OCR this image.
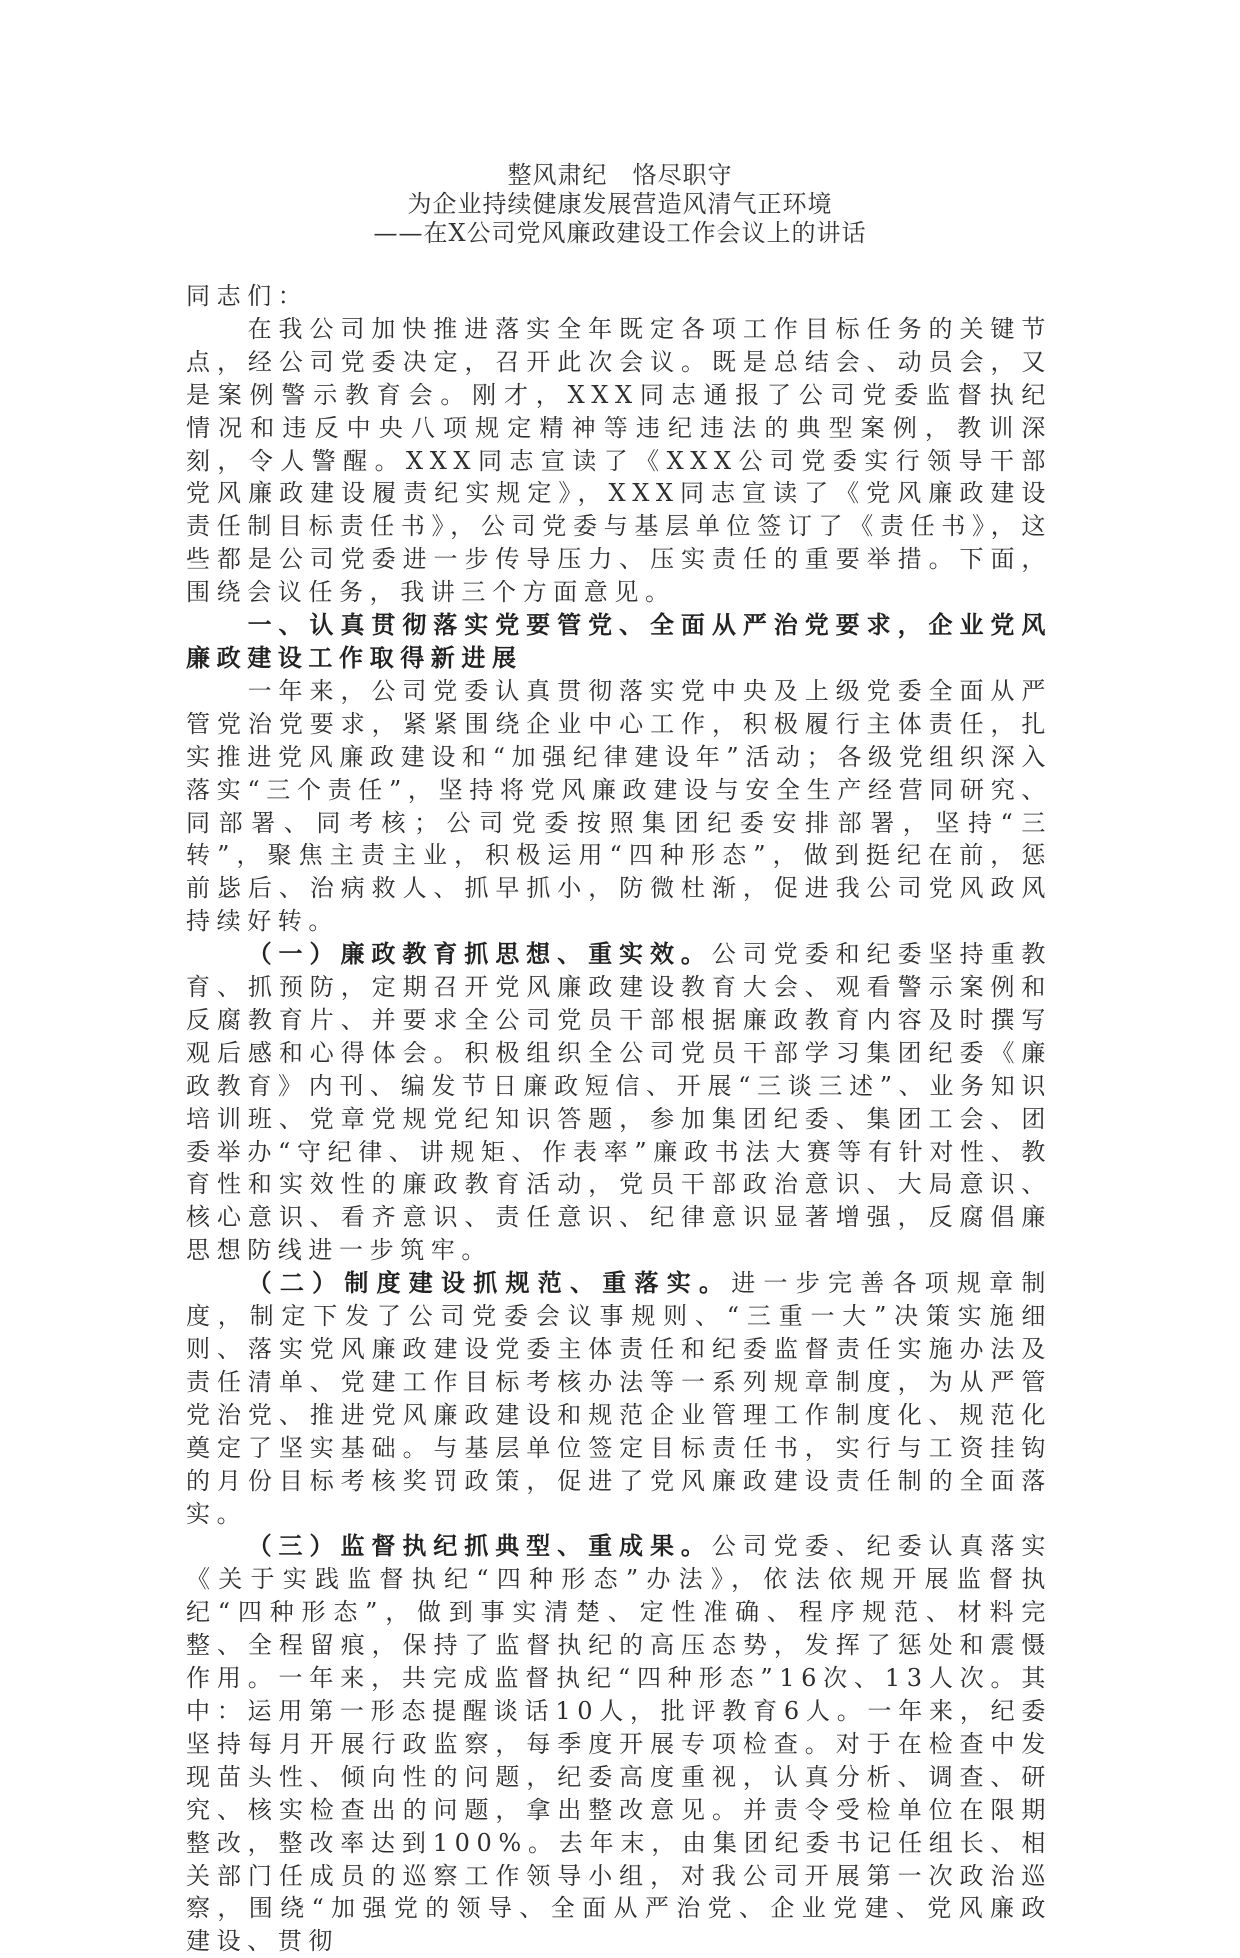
整风肃纪　恪尽职守
为企业持续健康发展营造风清气正环境
——在X公司党风廉政建设工作会议上的讲话

同志们：

在我公司加快推进落实全年既定各项工作目标任务的关键节点，经公司党委决定，召开此次会议。既是总结会、动员会，又是案例警示教育会。刚才，XXX同志通报了公司党委监督执纪情况和违反中央八项规定精神等违纪违法的典型案例，教训深刻，令人警醒。XXX同志宣读了《XXX公司党委实行领导干部党风廉政建设履责纪实规定》，XXX同志宣读了《党风廉政建设责任制目标责任书》，公司党委与基层单位签订了《责任书》，这些都是公司党委进一步传导压力、压实责任的重要举措。下面，围绕会议任务，我讲三个方面意见。

一、认真贯彻落实党要管党、全面从严治党要求，企业党风廉政建设工作取得新进展

一年来，公司党委认真贯彻落实党中央及上级党委全面从严管党治党要求，紧紧围绕企业中心工作，积极履行主体责任，扎实推进党风廉政建设和“加强纪律建设年”活动；各级党组织深入落实“三个责任”，坚持将党风廉政建设与安全生产经营同研究、同部署、同考核；公司党委按照集团纪委安排部署，坚持“三转”，聚焦主责主业，积极运用“四种形态”，做到挺纪在前，惩前毖后、治病救人、抓早抓小，防微杜渐，促进我公司党风政风持续好转。

（一）廉政教育抓思想、重实效。公司党委和纪委坚持重教育、抓预防，定期召开党风廉政建设教育大会、观看警示案例和反腐教育片、并要求全公司党员干部根据廉政教育内容及时撰写观后感和心得体会。积极组织全公司党员干部学习集团纪委《廉政教育》内刊、编发节日廉政短信、开展“三谈三述”、业务知识培训班、党章党规党纪知识答题，参加集团纪委、集团工会、团委举办“守纪律、讲规矩、作表率”廉政书法大赛等有针对性、教育性和实效性的廉政教育活动，党员干部政治意识、大局意识、核心意识、看齐意识、责任意识、纪律意识显著增强，反腐倡廉思想防线进一步筑牢。

（二）制度建设抓规范、重落实。进一步完善各项规章制度，制定下发了公司党委会议事规则、“三重一大”决策实施细则、落实党风廉政建设党委主体责任和纪委监督责任实施办法及责任清单、党建工作目标考核办法等一系列规章制度，为从严管党治党、推进党风廉政建设和规范企业管理工作制度化、规范化奠定了坚实基础。与基层单位签定目标责任书，实行与工资挂钩的月份目标考核奖罚政策，促进了党风廉政建设责任制的全面落实。

（三）监督执纪抓典型、重成果。公司党委、纪委认真落实《关于实践监督执纪“四种形态”办法》，依法依规开展监督执纪“四种形态”，做到事实清楚、定性准确、程序规范、材料完整、全程留痕，保持了监督执纪的高压态势，发挥了惩处和震慑作用。一年来，共完成监督执纪“四种形态”16次、13人次。其中：运用第一形态提醒谈话10人，批评教育6人。一年来，纪委坚持每月开展行政监察，每季度开展专项检查。对于在检查中发现苗头性、倾向性的问题，纪委高度重视，认真分析、调查、研究、核实检查出的问题，拿出整改意见。并责令受检单位在限期整改，整改率达到100%。去年末，由集团纪委书记任组长、相关部门任成员的巡察工作领导小组，对我公司开展第一次政治巡察，围绕“加强党的领导、全面从严治党、企业党建、党风廉政建设、贯彻
